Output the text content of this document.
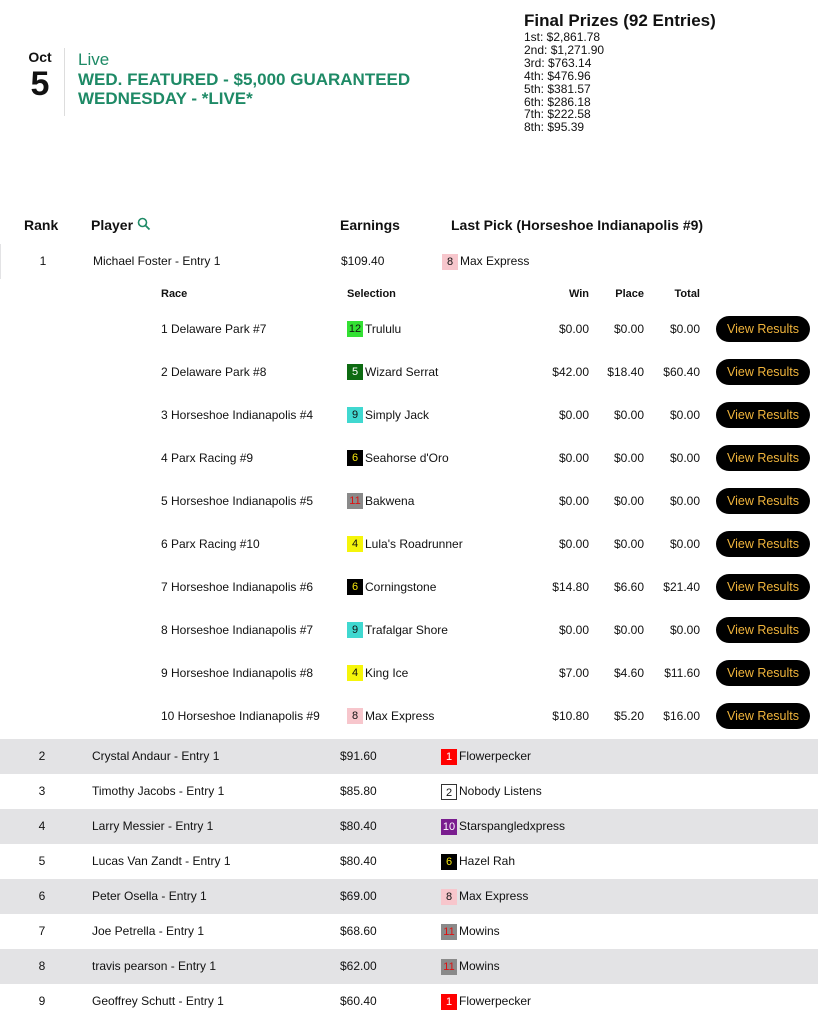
Oct
5
Live
WED. FEATURED - $5,000 GUARANTEED WEDNESDAY - *LIVE*
Final Prizes (92 Entries)
1st: $2,861.78
2nd: $1,271.90
3rd: $763.14
4th: $476.96
5th: $381.57
6th: $286.18
7th: $222.58
8th: $95.39
Rank Player	Earnings	Last Pick (Horseshoe Indianapolis #9)
1	Michael Foster - Entry 1	$109.40	8 Max Express
2	Crystal Andaur - Entry 1	$91.60	1 Flowerpecker
3	Timothy Jacobs - Entry 1	$85.80	2 Nobody Listens
4	Larry Messier - Entry 1	$80.40	10 Starspangledxpress
5	Lucas Van Zandt - Entry 1	$80.40	6 Hazel Rah
6	Peter Osella - Entry 1	$69.00	8 Max Express
7	Joe Petrella - Entry 1	$68.60	11 Mowins
8	travis pearson - Entry 1	$62.00	11 Mowins
9	Geoffrey Schutt - Entry 1	$60.40	1 Flowerpecker
Race	Selection	Win Place	Total
1 Delaware Park #7	12 Trululu	$0.00 $0.00 $0.00	View Results
2 Delaware Park #8	5 Wizard Serrat	$42.00 $18.40 $60.40	View Results
3 Horseshoe Indianapolis #4	9 Simply Jack	$0.00 $0.00 $0.00	View Results
4 Parx Racing #9	6 Seahorse d'Oro	$0.00 $0.00 $0.00	View Results
5 Horseshoe Indianapolis #5	11 Bakwena	$0.00 $0.00 $0.00	View Results
6 Parx Racing #10	4 Lula's Roadrunner	$0.00 $0.00 $0.00	View Results
7 Horseshoe Indianapolis #6	6 Corningstone	$14.80 $6.60 $21.40	View Results
8 Horseshoe Indianapolis #7	9 Trafalgar Shore	$0.00 $0.00 $0.00	View Results
9 Horseshoe Indianapolis #8	4 King Ice	$7.00 $4.60 $11.60	View Results
10 Horseshoe Indianapolis #9	8 Max Express	$10.80 $5.20 $16.00	View Results
